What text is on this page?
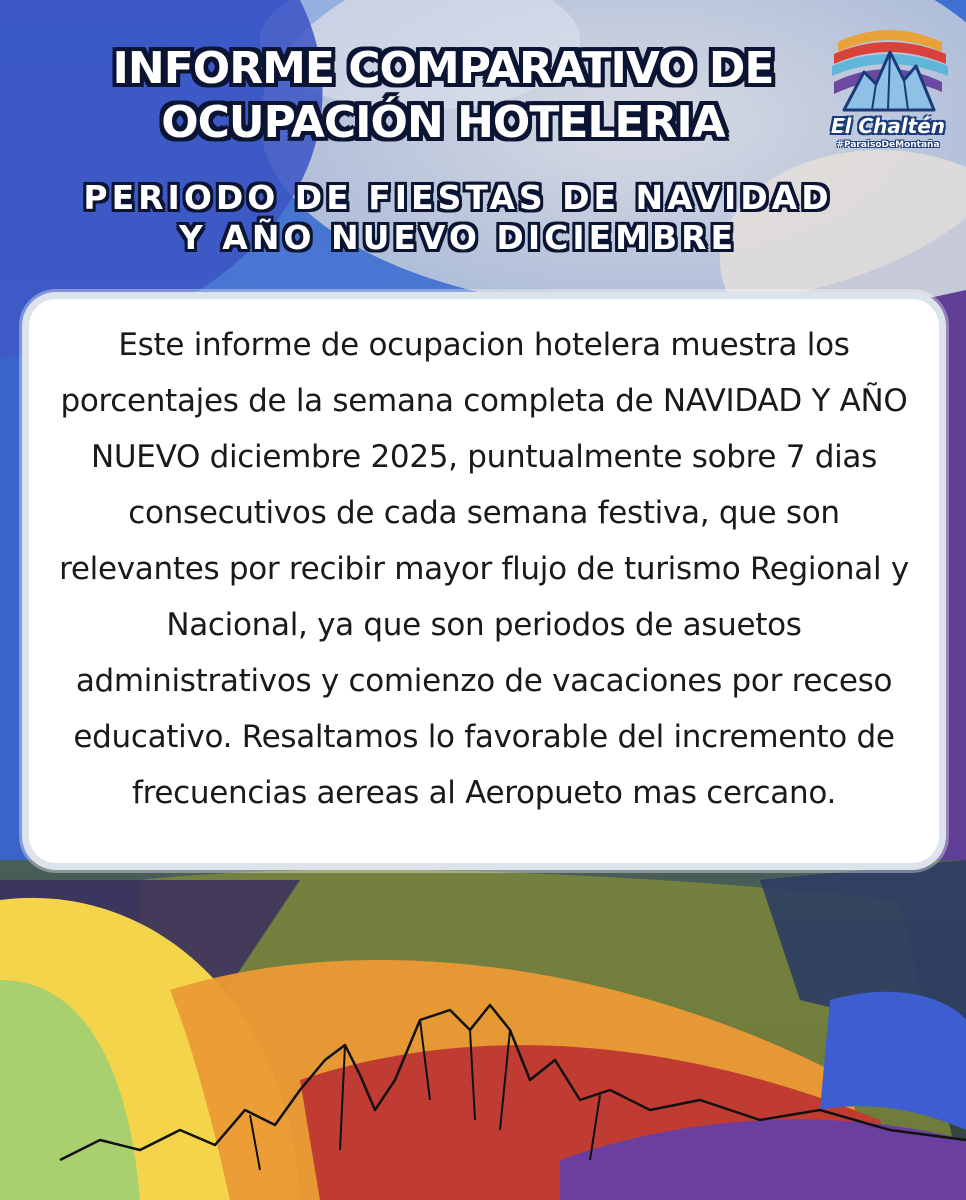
El Chaltén

#ParaisoDeMontaña

INFORME COMPARATIVO DE
OCUPACIÓN HOTELERIA
PERIODO DE FIESTAS DE NAVIDAD
Y AÑO NUEVO DICIEMBRE

Este informe de ocupacion hotelera muestra los porcentajes de la semana completa de NAVIDAD Y AÑO NUEVO diciembre 2025, puntualmente sobre 7 dias consecutivos de cada semana festiva, que son relevantes por recibir mayor flujo de turismo Regional y Nacional, ya que son periodos de asuetos administrativos y comienzo de vacaciones por receso educativo. Resaltamos lo favorable del incremento de frecuencias aereas al Aeropueto mas cercano.
